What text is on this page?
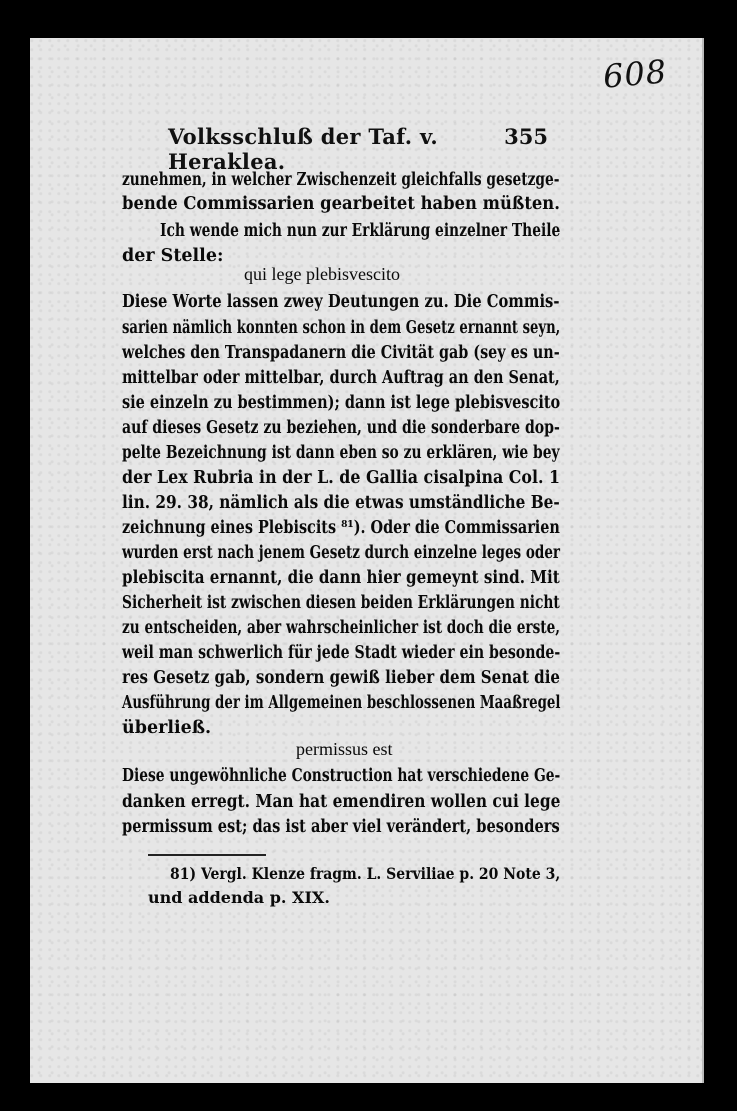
608
Volksschluß der Taf. v. Heraklea.
355
zunehmen, in welcher Zwischenzeit gleichfalls gesetzge-
bende Commissarien gearbeitet haben müßten.
Ich wende mich nun zur Erklärung einzelner Theile
der Stelle:
qui lege plebisvescito
Diese Worte lassen zwey Deutungen zu. Die Commis-
sarien nämlich konnten schon in dem Gesetz ernannt seyn,
welches den Transpadanern die Civität gab (sey es un-
mittelbar oder mittelbar, durch Auftrag an den Senat,
sie einzeln zu bestimmen); dann ist lege plebisvescito
auf dieses Gesetz zu beziehen, und die sonderbare dop-
pelte Bezeichnung ist dann eben so zu erklären, wie bey
der Lex Rubria in der L. de Gallia cisalpina Col. 1
lin. 29. 38, nämlich als die etwas umständliche Be-
zeichnung eines Plebiscits ⁸¹). Oder die Commissarien
wurden erst nach jenem Gesetz durch einzelne leges oder
plebiscita ernannt, die dann hier gemeynt sind. Mit
Sicherheit ist zwischen diesen beiden Erklärungen nicht
zu entscheiden, aber wahrscheinlicher ist doch die erste,
weil man schwerlich für jede Stadt wieder ein besonde-
res Gesetz gab, sondern gewiß lieber dem Senat die
Ausführung der im Allgemeinen beschlossenen Maaßregel
überließ.
permissus est
Diese ungewöhnliche Construction hat verschiedene Ge-
danken erregt. Man hat emendiren wollen cui lege
permissum est; das ist aber viel verändert, besonders
81) Vergl. Klenze fragm. L. Serviliae p. 20 Note 3,
und addenda p. XIX.
